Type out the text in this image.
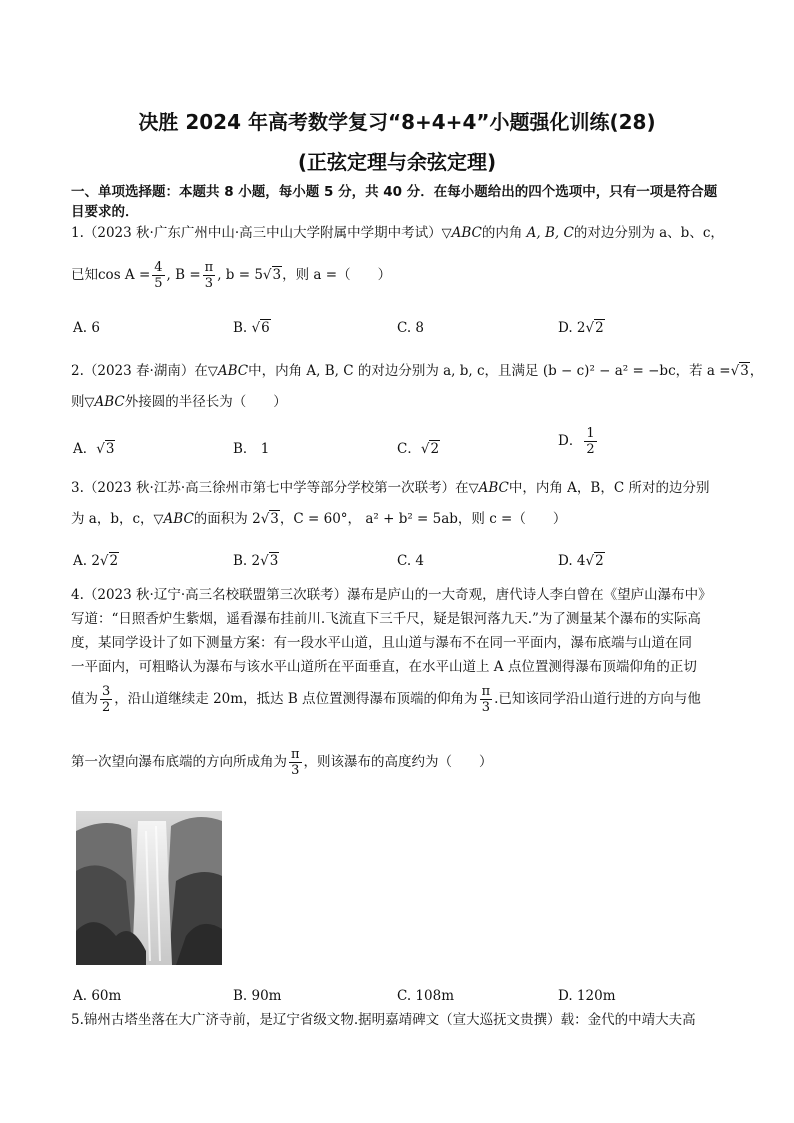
决胜 2024 年高考数学复习“8+4+4”小题强化训练(28)
(正弦定理与余弦定理)
一、单项选择题：本题共 8 小题，每小题 5 分，共 40 分．在每小题给出的四个选项中，只有一项是符合题
目要求的．
1.（2023 秋·广东广州中山·高三中山大学附属中学期中考试）▽ABC的内角 A, B, C的对边分别为 a、b、c，
已知$\cos A = \frac{4}{5}$ , $B = \frac{\pi}{3}$ , b = 5√3，则 a =（　　）
A. 6	B. √6	C. 8	D. 2√2
2.（2023 春·湖南）在▽ABC中，内角 A, B, C 的对边分别为 a, b, c，且满足 (b − c)² − a² = −bc，若 a =√3，
则▽ABC外接圆的半径长为（　　）
A．√3	B． 1	C．√2	D． $\frac{1}{2}$
3.（2023 秋·江苏·高三徐州市第七中学等部分学校第一次联考）在▽ABC中，内角 A，B，C 所对的边分别
为 a，b，c，▽ABC的面积为 2√3，C = 60°， a² + b² = 5ab，则 c =（　　）
A. 2√2	B. 2√3	C. 4	D. 4√2
4.（2023 秋·辽宁·高三名校联盟第三次联考）瀑布是庐山的一大奇观，唐代诗人李白曾在《望庐山瀑布中》
写道：“日照香炉生紫烟，遥看瀑布挂前川.飞流直下三千尺，疑是银河落九天.”为了测量某个瀑布的实际高
度，某同学设计了如下测量方案：有一段水平山道，且山道与瀑布不在同一平面内，瀑布底端与山道在同
一平面内，可粗略认为瀑布与该水平山道所在平面垂直，在水平山道上 A 点位置测得瀑布顶端仰角的正切
值为 $\frac{3}{2}$ ，沿山道继续走 20m，抵达 B 点位置测得瀑布顶端的仰角为 $\frac{\pi}{3}$ .已知该同学沿山道行进的方向与他
第一次望向瀑布底端的方向所成角为 $\frac{\pi}{3}$ ，则该瀑布的高度约为（　　）
A. 60m	B. 90m	C. 108m	D. 120m
5.锦州古塔坐落在大广济寺前，是辽宁省级文物.据明嘉靖碑文（宣大巡抚文贵撰）载：金代的中靖大夫高
